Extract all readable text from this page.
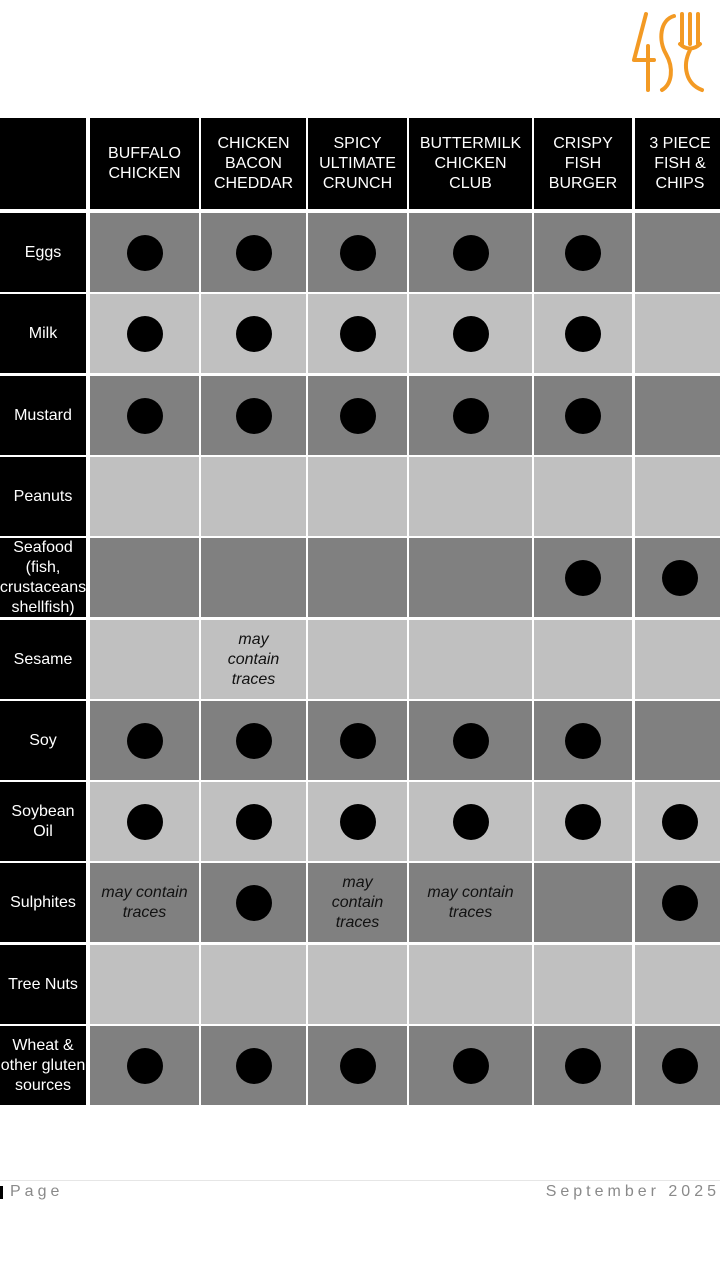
BUFFALO
CHICKEN
CHICKEN
BACON
CHEDDAR
SPICY
ULTIMATE
CRUNCH
BUTTERMILK
CHICKEN
CLUB
CRISPY
FISH
BURGER
3 PIECE
FISH &
CHIPS
Eggs
Milk
Mustard
Peanuts
Seafood
(fish,
crustaceans
shellfish)
Sesame
may
contain
traces
Soy
Soybean Oil
Sulphites
may contain
traces
may
contain
traces
may contain
traces
Tree Nuts
Wheat &
other gluten
sources
Page	September 2025
